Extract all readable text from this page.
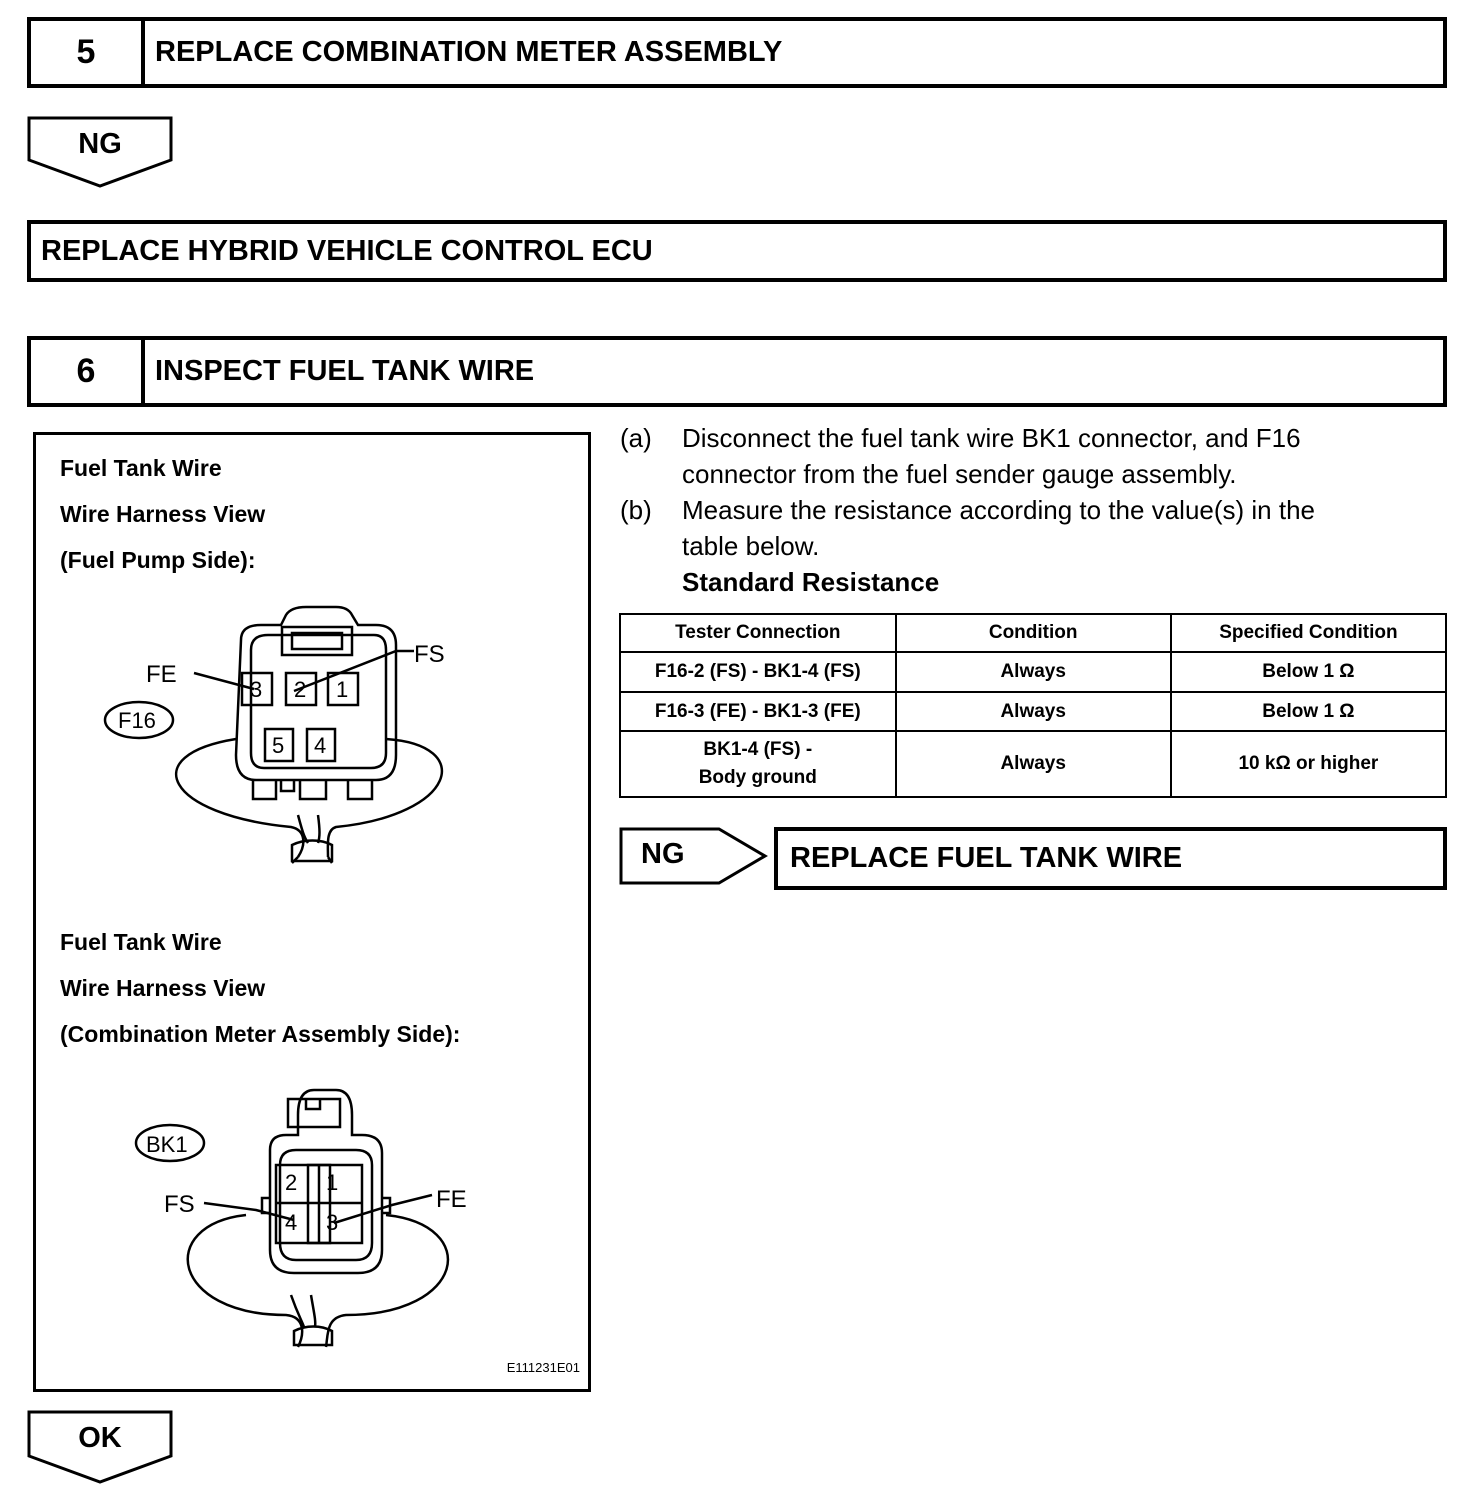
5	REPLACE COMBINATION METER ASSEMBLY
NG
REPLACE HYBRID VEHICLE CONTROL ECU
6	INSPECT FUEL TANK WIRE
Fuel Tank Wire
Wire Harness View
(Fuel Pump Side):
Fuel Tank Wire
Wire Harness View
(Combination Meter Assembly Side):
3 2 1
5 4
FE
FS
F16
2 1
4 3
FS	FE
BK1
E111231E01
(a) Disconnect the fuel tank wire BK1 connector, and F16
connector from the fuel sender gauge assembly.
(b) Measure the resistance according to the value(s) in the
table below.
Standard Resistance
Tester Connection	Condition	Specified Condition
F16-2 (FS) - BK1-4 (FS)	Always	Below 1 Ω
F16-3 (FE) - BK1-3 (FE)	Always	Below 1 Ω
BK1-4 (FS) - Body ground	Always	10 kΩ or higher
NG	REPLACE FUEL TANK WIRE
OK
